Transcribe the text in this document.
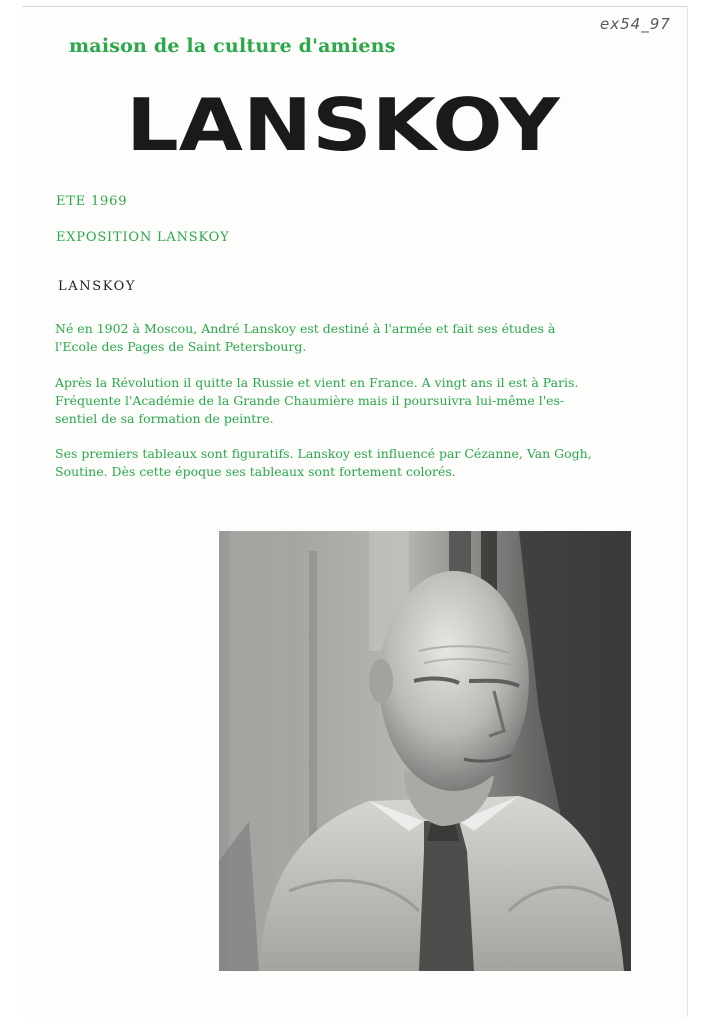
ex54_97
maison de la culture d'amiens
LANSKOY
ETE 1969
EXPOSITION LANSKOY
LANSKOY
Né en 1902 à Moscou, André Lanskoy est destiné à l'armée et fait ses études à
l'Ecole des Pages de Saint Petersbourg.
Après la Révolution il quitte la Russie et vient en France. A vingt ans il est à Paris.
Fréquente l'Académie de la Grande Chaumière mais il poursuivra lui-même l'es-
sentiel de sa formation de peintre.
Ses premiers tableaux sont figuratifs. Lanskoy est influencé par Cézanne, Van Gogh,
Soutine. Dès cette époque ses tableaux sont fortement colorés.
